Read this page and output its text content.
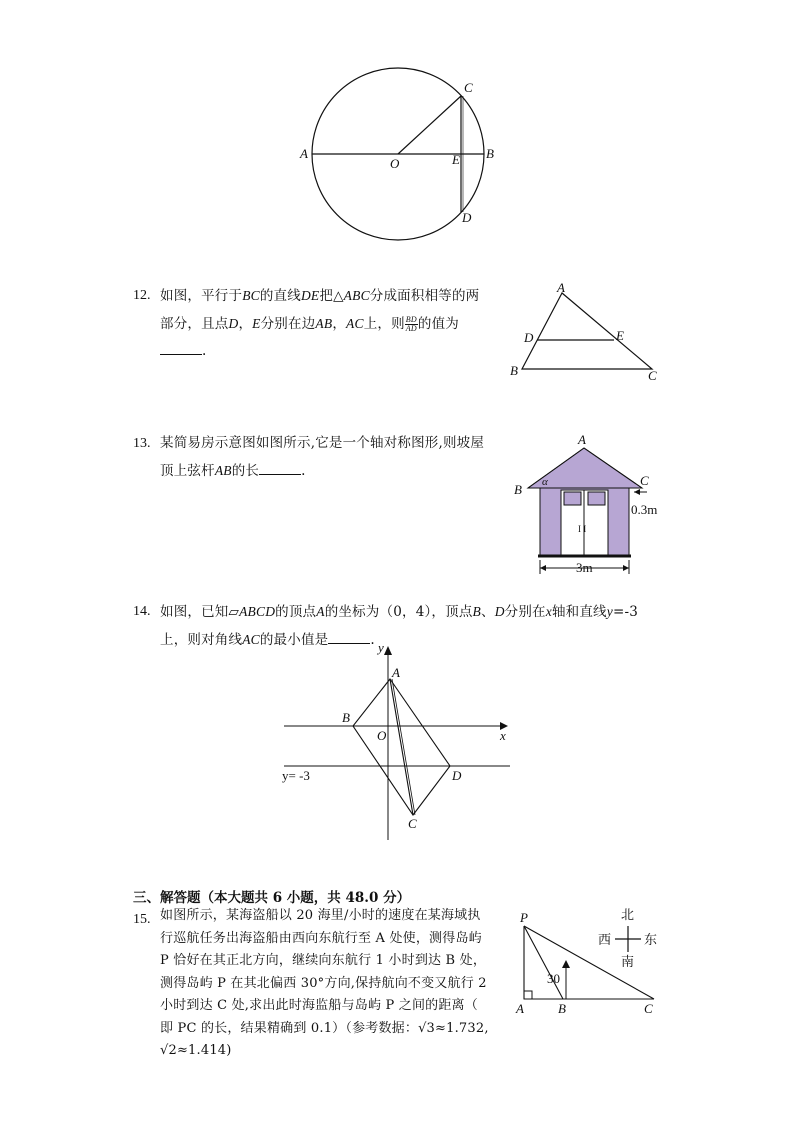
A
O	E B
C
D
12. 如图，平行于BC的直线DE把△ABC分成面积相等的两
部分，且点D，E分别在边AB，AC上，则 $\frac{BD}{AD}$ 的值为
.
A
D	E
B	C
13. 某简易房示意图如图所示,它是一个轴对称图形,则坡屋
顶上弦杆AB的长	.
A
B
C
α
0.3m
3m
I I
14. 如图，已知▱ABCD的顶点A的坐标为（0，4），顶点B、D分别在x轴和直线y=-3
上，则对角线AC的最小值是	. y
x
A
B
O
D
C
y= -3
三、解答题（本大题共 6 小题，共 48.0 分）
15. 如图所示，某海盗船以 20 海里/小时的速度在某海域执
行巡航任务岀海盗船由西向东航行至 A 处使，测得岛屿
P 恰好在其正北方向，继续向东航行 1 小时到达 B 处，
测得岛屿 P 在其北偏西 30°方向,保持航向不变又航行 2
小时到达 C 处,求出此时海监船与岛屿 P 之间的距离（
即 PC 的长，结果精确到 0.1）（参考数据：√3≈1.732,
√2≈1.414)
P
A	B	C
30
北
南
西	东
